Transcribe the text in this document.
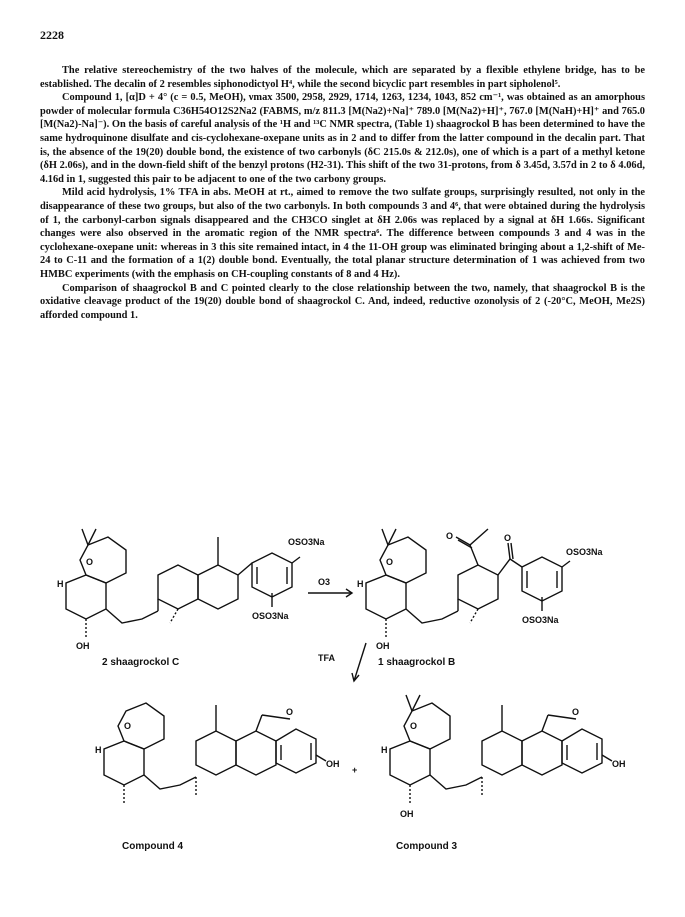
2228

The relative stereochemistry of the two halves of the molecule, which are separated by a flexible ethylene bridge, has to be established. The decalin of 2 resembles siphonodictyol H⁴, while the second bicyclic part resembles in part sipholenol⁵.

Compound 1, [α]D + 4° (c = 0.5, MeOH), νmax 3500, 2958, 2929, 1714, 1263, 1234, 1043, 852 cm⁻¹, was obtained as an amorphous powder of molecular formula C36H54O12S2Na2 (FABMS, m/z 811.3 [M(Na2)+Na]⁺ 789.0 [M(Na2)+H]⁺, 767.0 [M(NaH)+H]⁺ and 765.0 [M(Na2)-Na]⁻). On the basis of careful analysis of the ¹H and ¹³C NMR spectra, (Table 1) shaagrockol B has been determined to have the same hydroquinone disulfate and cis-cyclohexane-oxepane units as in 2 and to differ from the latter compound in the decalin part. That is, the absence of the 19(20) double bond, the existence of two carbonyls (δC 215.0s & 212.0s), one of which is a part of a methyl ketone (δH 2.06s), and in the down-field shift of the benzyl protons (H2-31). This shift of the two 31-protons, from δ 3.45d, 3.57d in 2 to δ 4.06d, 4.16d in 1, suggested this pair to be adjacent to one of the two carbony groups.

Mild acid hydrolysis, 1% TFA in abs. MeOH at rt., aimed to remove the two sulfate groups, surprisingly resulted, not only in the disappearance of these two groups, but also of the two carbonyls. In both compounds 3 and 4⁶, that were obtained during the hydrolysis of 1, the carbonyl-carbon signals disappeared and the CH3CO singlet at δH 2.06s was replaced by a signal at δH 1.66s. Significant changes were also observed in the aromatic region of the NMR spectra⁶. The difference between compounds 3 and 4 was in the cyclohexane-oxepane unit: whereas in 3 this site remained intact, in 4 the 11-OH group was eliminated bringing about a 1,2-shift of Me-24 to C-11 and the formation of a 1(2) double bond. Eventually, the total planar structure determination of 1 was achieved from two HMBC experiments (with the emphasis on CH-coupling constants of 8 and 4 Hz).

Comparison of shaagrockol B and C pointed clearly to the close relationship between the two, namely, that shaagrockol B is the oxidative cleavage product of the 19(20) double bond of shaagrockol C. And, indeed, reductive ozonolysis of 2 (-20°C, MeOH, Me2S) afforded compound 1.

O
H
OH
OSO3Na
OSO3Na
O3
O
H
OH
O	O
OSO3Na
OSO3Na
TFA
2 shaagrockol C	1 shaagrockol B
O
H
O
OH
+
O
H
O
OH
OH
Compound 4	Compound 3
